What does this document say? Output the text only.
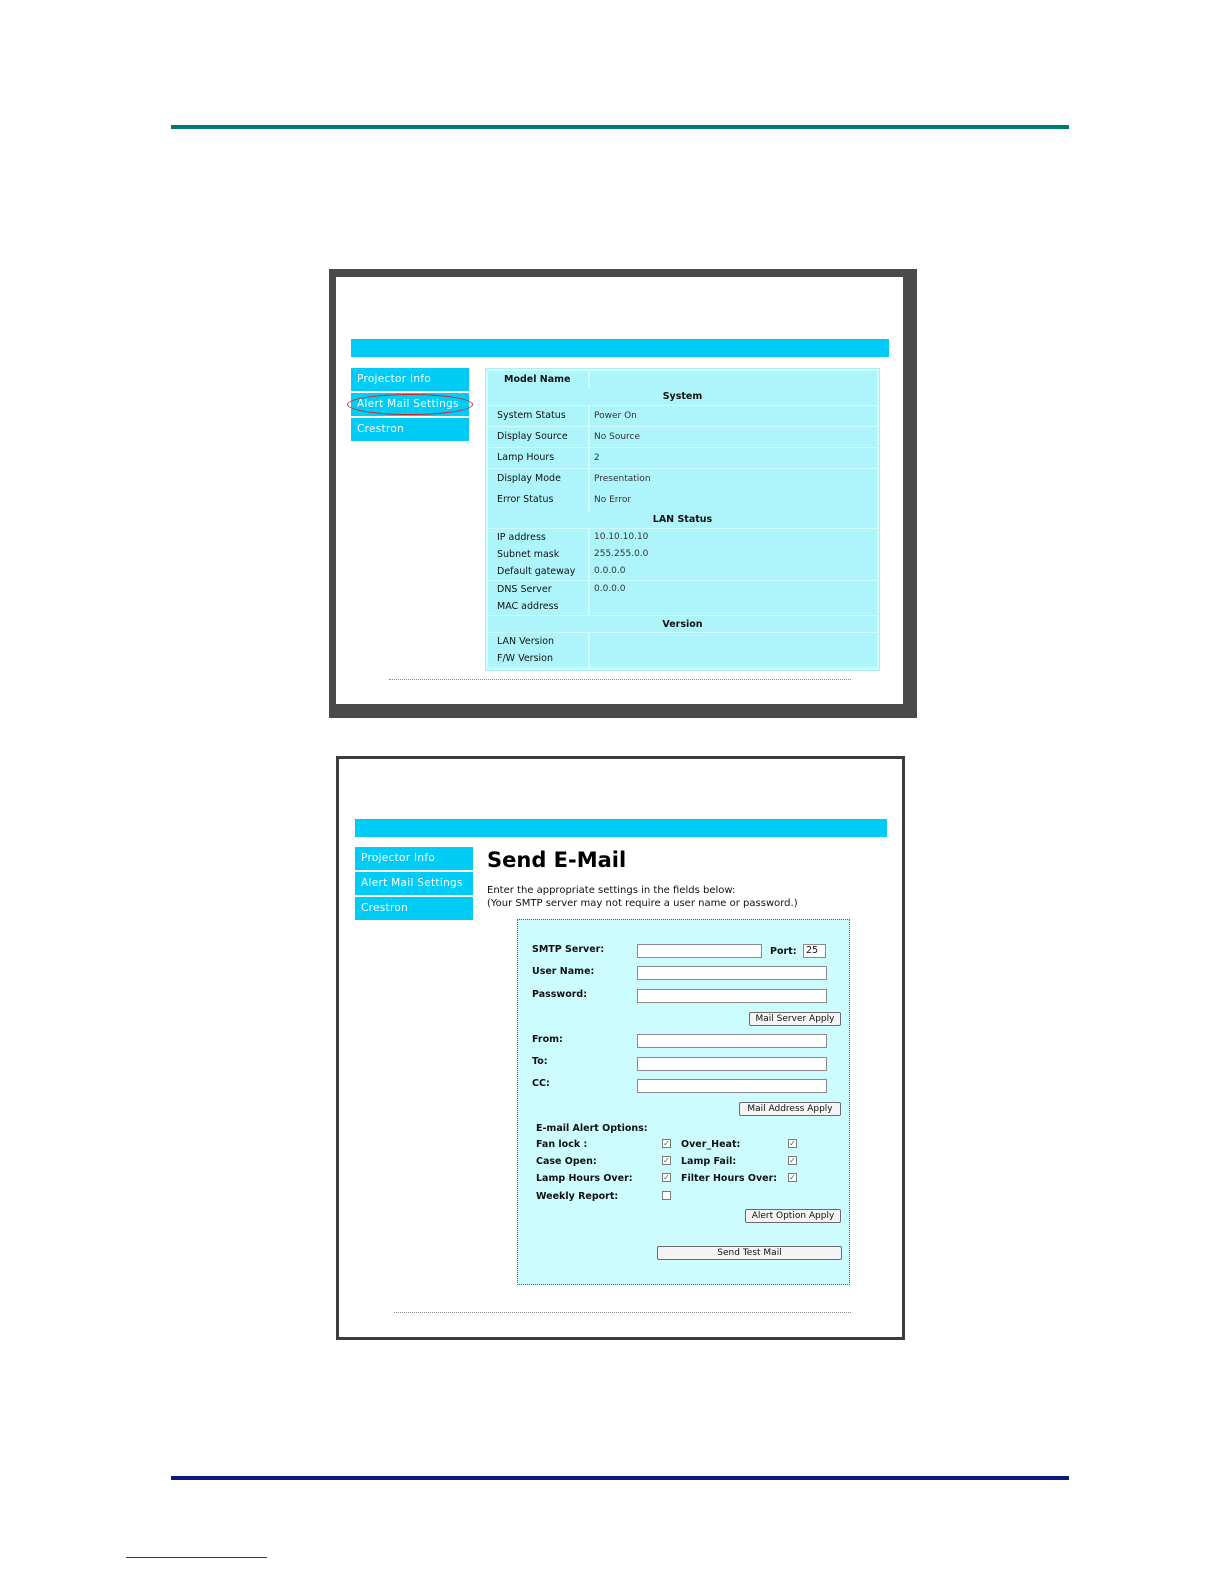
Projector Info
Alert Mail Settings
Crestron
Model Name
System
System Status	Power On
Display Source	No Source
Lamp Hours	2
Display Mode	Presentation
Error Status	No Error
LAN Status
IP address	10.10.10.10
Subnet mask	255.255.0.0
Default gateway	0.0.0.0
DNS Server	0.0.0.0
MAC address
Version
LAN Version
F/W Version
Projector Info
Alert Mail Settings
Crestron
Send E-Mail
Enter the appropriate settings in the fields below:
(Your SMTP server may not require a user name or password.)
SMTP Server:	Port: 25
User Name:
Password:
Mail Server Apply
From:
To:
CC:
Mail Address Apply
E-mail Alert Options:
Fan lock :	✓ Over_Heat:	✓
Case Open:	✓ Lamp Fail:	✓
Lamp Hours Over:	✓ Filter Hours Over: ✓
Weekly Report:
Alert Option Apply
Send Test Mail
